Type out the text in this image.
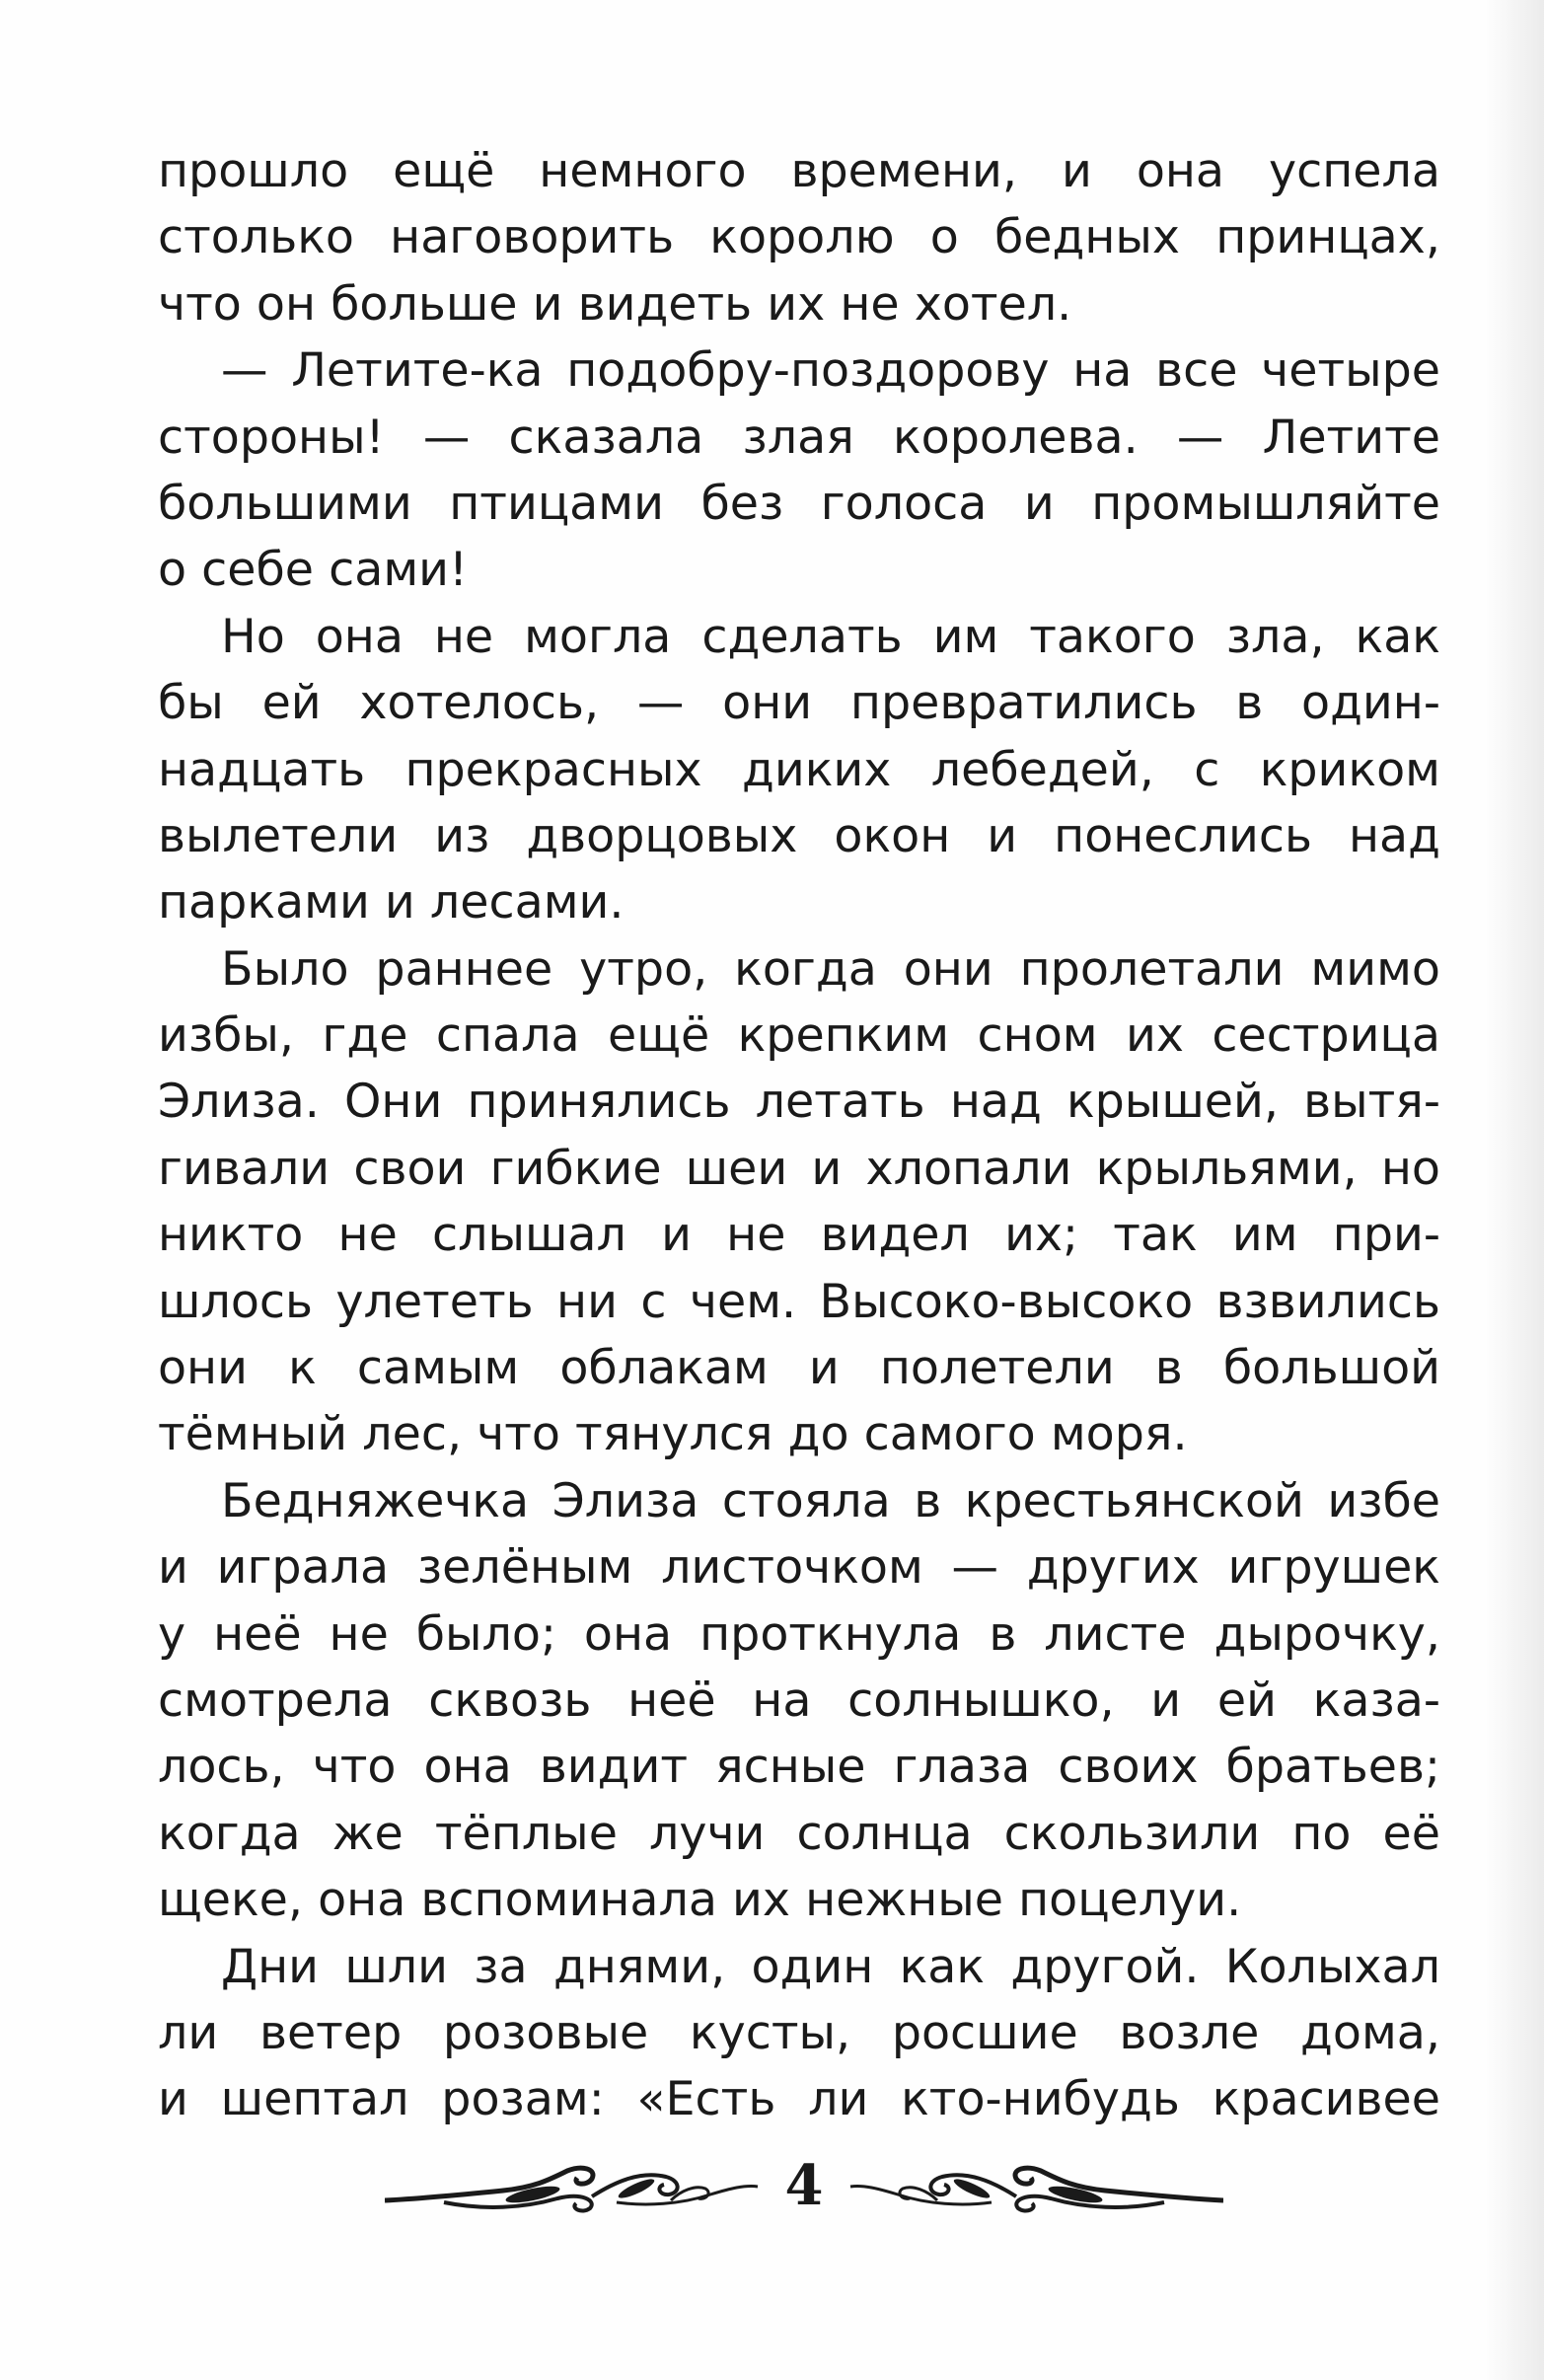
прошло ещё немного времени, и она успела
столько наговорить королю о бедных принцах,
что он больше и видеть их не хотел.
— Летите-ка подобру-поздорову на все четыре
стороны! — сказала злая королева. — Летите
большими птицами без голоса и промышляйте
о себе сами!
Но она не могла сделать им такого зла, как
бы ей хотелось, — они превратились в один-
надцать прекрасных диких лебедей, с криком
вылетели из дворцовых окон и понеслись над
парками и лесами.
Было раннее утро, когда они пролетали мимо
избы, где спала ещё крепким сном их сестрица
Элиза. Они принялись летать над крышей, вытя-
гивали свои гибкие шеи и хлопали крыльями, но
никто не слышал и не видел их; так им при-
шлось улететь ни с чем. Высоко-высоко взвились
они к самым облакам и полетели в большой
тёмный лес, что тянулся до самого моря.
Бедняжечка Элиза стояла в крестьянской избе
и играла зелёным листочком — других игрушек
у неё не было; она проткнула в листе дырочку,
смотрела сквозь неё на солнышко, и ей каза-
лось, что она видит ясные глаза своих братьев;
когда же тёплые лучи солнца скользили по её
щеке, она вспоминала их нежные поцелуи.
Дни шли за днями, один как другой. Колыхал
ли ветер розовые кусты, росшие возле дома,
и шептал розам: «Есть ли кто-нибудь красивее
4
